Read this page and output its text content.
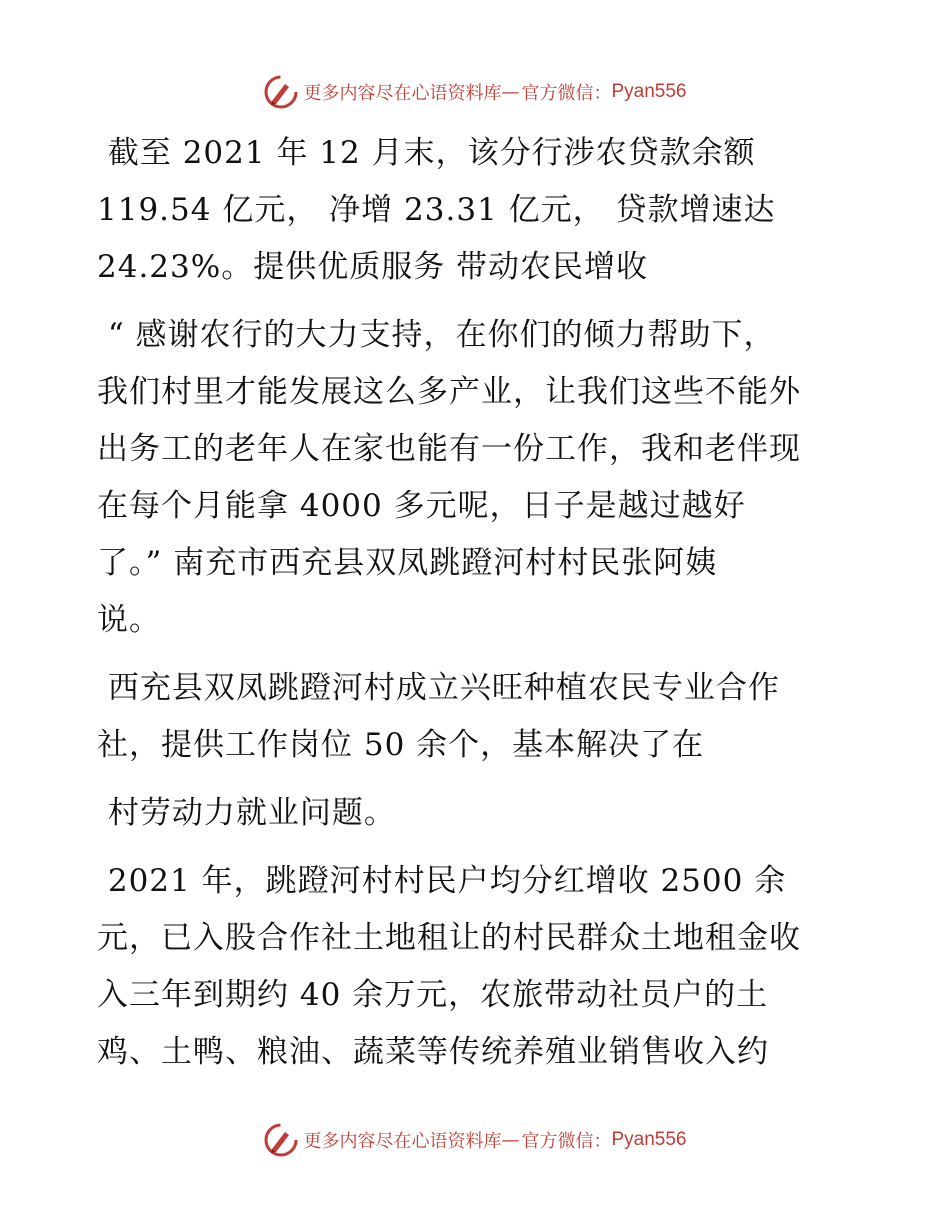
更多内容尽在心语资料库 — 官方微信： Pyan556
截至 2021 年 12 月末，该分行涉农贷款余额
119.54 亿元， 净增 23.31 亿元， 贷款增速达
24.23%。提供优质服务 带动农民增收
“ 感谢农行的大力支持，在你们的倾力帮助下，
我们村里才能发展这么多产业，让我们这些不能外
出务工的老年人在家也能有一份工作，我和老伴现
在每个月能拿 4000 多元呢，日子是越过越好
了。” 南充市西充县双凤跳蹬河村村民张阿姨
说。
西充县双凤跳蹬河村成立兴旺种植农民专业合作
社，提供工作岗位 50 余个，基本解决了在
村劳动力就业问题。
2021 年，跳蹬河村村民户均分红增收 2500 余
元，已入股合作社土地租让的村民群众土地租金收
入三年到期约 40 余万元，农旅带动社员户的土
鸡、土鸭、粮油、蔬菜等传统养殖业销售收入约
更多内容尽在心语资料库 — 官方微信： Pyan556
